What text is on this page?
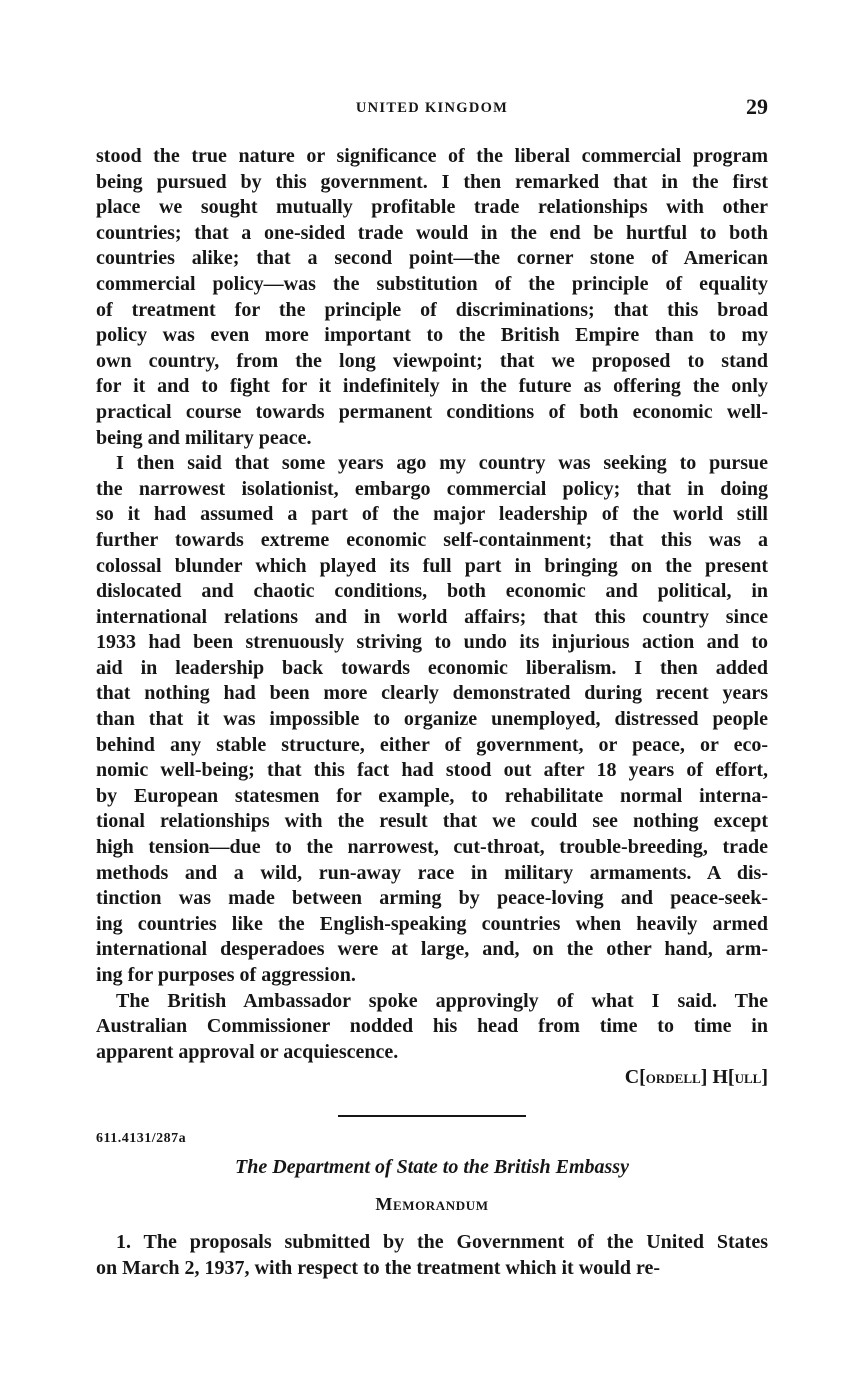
UNITED KINGDOM	29

stood the true nature or significance of the liberal commercial program
being pursued by this government. I then remarked that in the first
place we sought mutually profitable trade relationships with other
countries; that a one-sided trade would in the end be hurtful to both
countries alike; that a second point—the corner stone of American
commercial policy—was the substitution of the principle of equality
of treatment for the principle of discriminations; that this broad
policy was even more important to the British Empire than to my
own country, from the long viewpoint; that we proposed to stand
for it and to fight for it indefinitely in the future as offering the only
practical course towards permanent conditions of both economic well-
being and military peace.

I then said that some years ago my country was seeking to pursue
the narrowest isolationist, embargo commercial policy; that in doing
so it had assumed a part of the major leadership of the world still
further towards extreme economic self-containment; that this was a
colossal blunder which played its full part in bringing on the present
dislocated and chaotic conditions, both economic and political, in
international relations and in world affairs; that this country since
1933 had been strenuously striving to undo its injurious action and to
aid in leadership back towards economic liberalism. I then added
that nothing had been more clearly demonstrated during recent years
than that it was impossible to organize unemployed, distressed people
behind any stable structure, either of government, or peace, or eco-
nomic well-being; that this fact had stood out after 18 years of effort,
by European statesmen for example, to rehabilitate normal interna-
tional relationships with the result that we could see nothing except
high tension—due to the narrowest, cut-throat, trouble-breeding, trade
methods and a wild, run-away race in military armaments. A dis-
tinction was made between arming by peace-loving and peace-seek-
ing countries like the English-speaking countries when heavily armed
international desperadoes were at large, and, on the other hand, arm-
ing for purposes of aggression.

The British Ambassador spoke approvingly of what I said. The
Australian Commissioner nodded his head from time to time in
apparent approval or acquiescence.

C[ordell] H[ull]
611.4131/287a
The Department of State to the British Embassy
Memorandum

1. The proposals submitted by the Government of the United States
on March 2, 1937, with respect to the treatment which it would re-
